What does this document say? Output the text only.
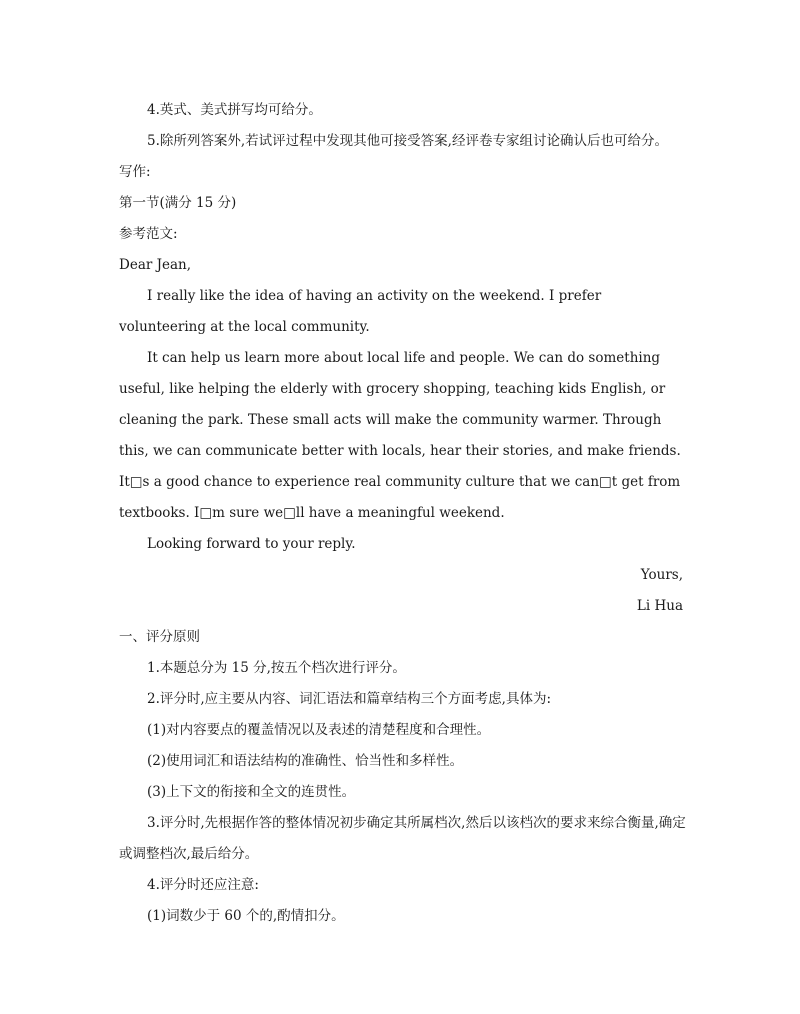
4.英式、美式拼写均可给分。

5.除所列答案外,若试评过程中发现其他可接受答案,经评卷专家组讨论确认后也可给分。

写作:

第一节(满分 15 分)

参考范文:

Dear Jean,

I really like the idea of having an activity on the weekend. I prefer volunteering at the local community.

It can help us learn more about local life and people. We can do something useful, like helping the elderly with grocery shopping, teaching kids English, or cleaning the park. These small acts will make the community warmer. Through this, we can communicate better with locals, hear their stories, and make friends. It□s a good chance to experience real community culture that we can□t get from textbooks. I□m sure we□ll have a meaningful weekend.

Looking forward to your reply.

Yours,

Li Hua

一、评分原则

1.本题总分为 15 分,按五个档次进行评分。

2.评分时,应主要从内容、词汇语法和篇章结构三个方面考虑,具体为:

(1)对内容要点的覆盖情况以及表述的清楚程度和合理性。

(2)使用词汇和语法结构的准确性、恰当性和多样性。

(3)上下文的衔接和全文的连贯性。

3.评分时,先根据作答的整体情况初步确定其所属档次,然后以该档次的要求来综合衡量,确定或调整档次,最后给分。

4.评分时还应注意:

(1)词数少于 60 个的,酌情扣分。
